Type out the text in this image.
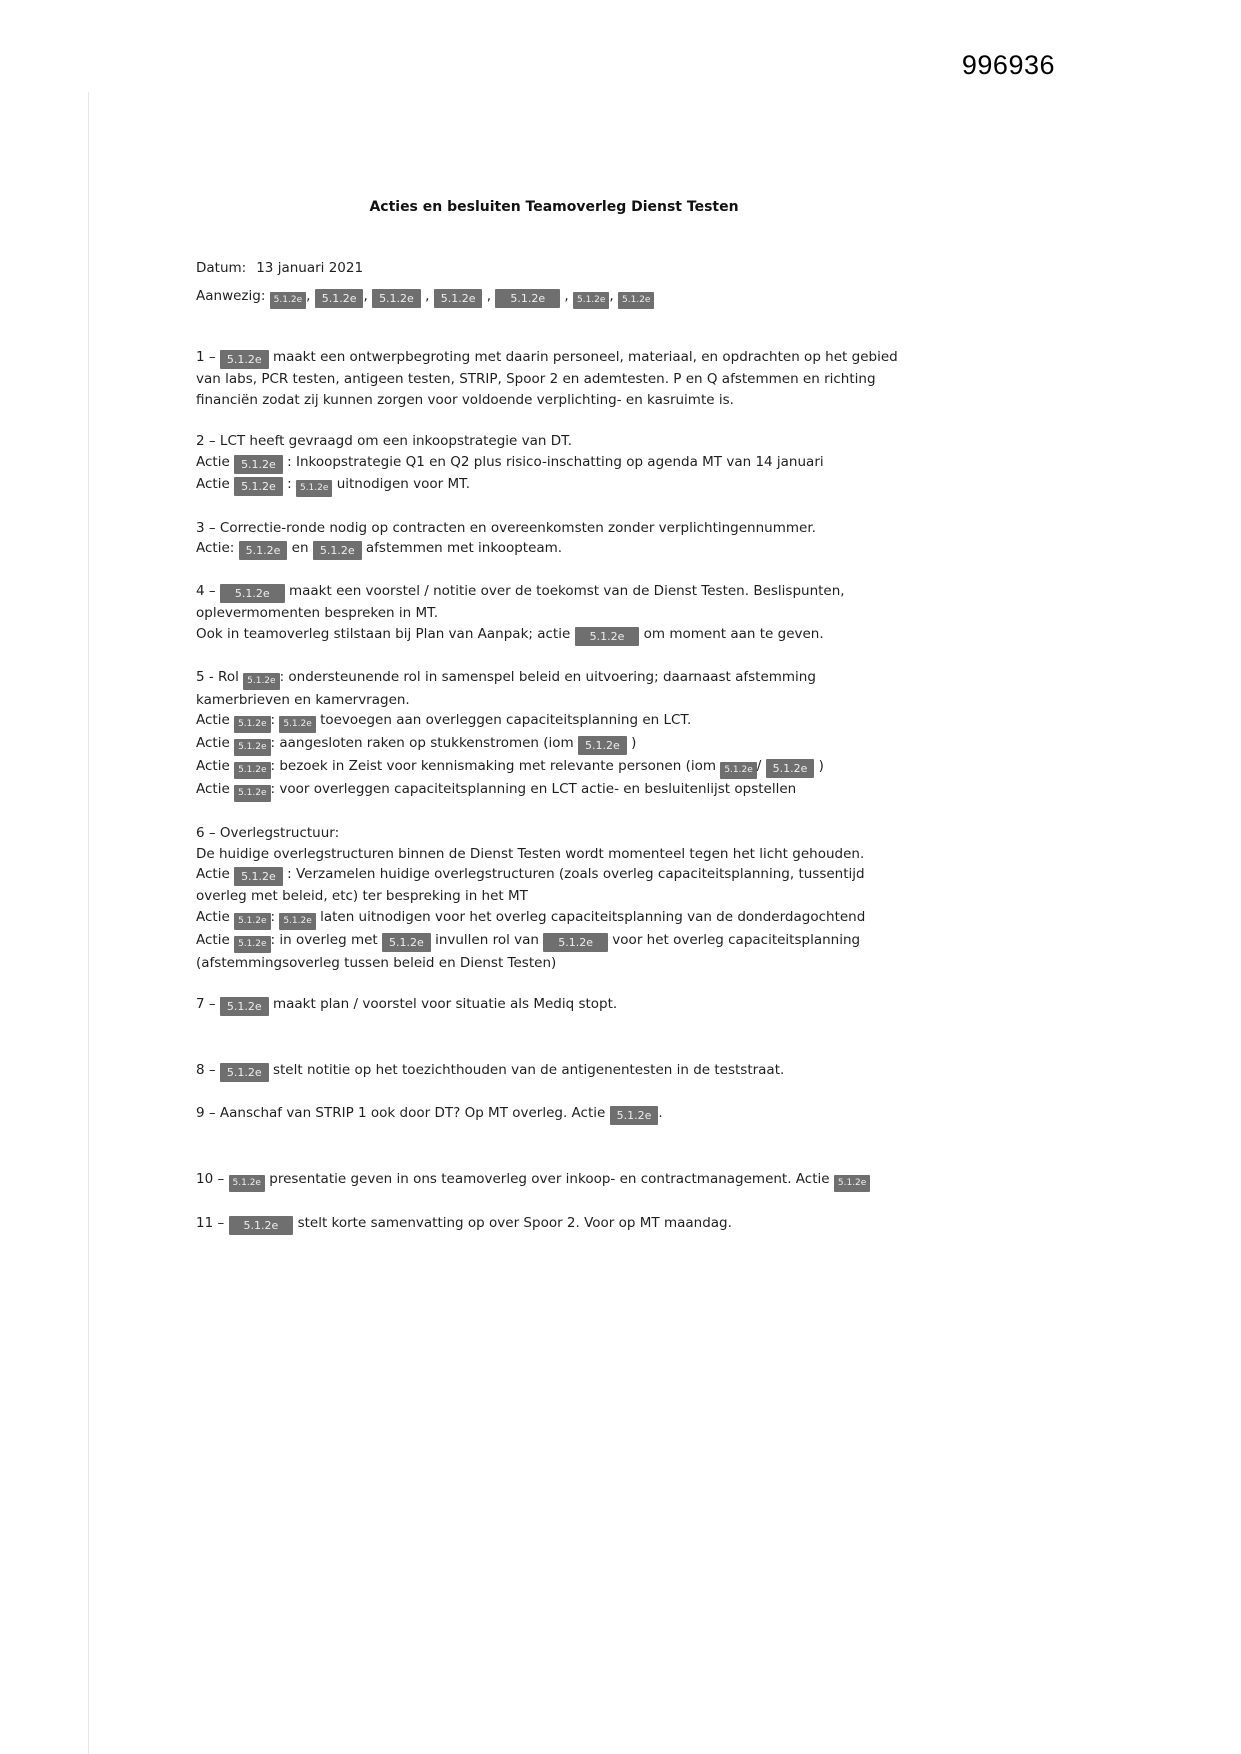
996936
Acties en besluiten Teamoverleg Dienst Testen
Datum: 13 januari 2021
Aanwezig: 5.1.2e , 5.1.2e , 5.1.2e , 5.1.2e , 5.1.2e , 5.1.2e , 5.1.2e
1 – 5.1.2e maakt een ontwerpbegroting met daarin personeel, materiaal, en opdrachten op het gebied van labs, PCR testen, antigeen testen, STRIP, Spoor 2 en ademtesten. P en Q afstemmen en richting financiën zodat zij kunnen zorgen voor voldoende verplichting- en kasruimte is.
2 – LCT heeft gevraagd om een inkoopstrategie van DT.
Actie 5.1.2e : Inkoopstrategie Q1 en Q2 plus risico-inschatting op agenda MT van 14 januari
Actie 5.1.2e : 5.1.2e uitnodigen voor MT.
3 – Correctie-ronde nodig op contracten en overeenkomsten zonder verplichtingennummer.
Actie: 5.1.2e en 5.1.2e afstemmen met inkoopteam.
4 – 5.1.2e maakt een voorstel / notitie over de toekomst van de Dienst Testen. Beslispunten, oplevermomenten bespreken in MT.
Ook in teamoverleg stilstaan bij Plan van Aanpak; actie 5.1.2e om moment aan te geven.
5 - Rol 5.1.2e : ondersteunende rol in samenspel beleid en uitvoering; daarnaast afstemming kamerbrieven en kamervragen.
Actie 5.1.2e : 5.1.2e toevoegen aan overleggen capaciteitsplanning en LCT.
Actie 5.1.2e : aangesloten raken op stukkenstromen (iom 5.1.2e )
Actie 5.1.2e : bezoek in Zeist voor kennismaking met relevante personen (iom 5.1.2e / 5.1.2e )
Actie 5.1.2e : voor overleggen capaciteitsplanning en LCT actie- en besluitenlijst opstellen
6 – Overlegstructuur:
De huidige overlegstructuren binnen de Dienst Testen wordt momenteel tegen het licht gehouden.
Actie 5.1.2e : Verzamelen huidige overlegstructuren (zoals overleg capaciteitsplanning, tussentijd overleg met beleid, etc) ter bespreking in het MT
Actie 5.1.2e : 5.1.2e laten uitnodigen voor het overleg capaciteitsplanning van de donderdagochtend
Actie 5.1.2e : in overleg met 5.1.2e invullen rol van 5.1.2e voor het overleg capaciteitsplanning (afstemmingsoverleg tussen beleid en Dienst Testen)
7 – 5.1.2e maakt plan / voorstel voor situatie als Mediq stopt.
8 – 5.1.2e stelt notitie op het toezichthouden van de antigenentesten in de teststraat.
9 – Aanschaf van STRIP 1 ook door DT? Op MT overleg. Actie 5.1.2e .
10 – 5.1.2e presentatie geven in ons teamoverleg over inkoop- en contractmanagement. Actie 5.1.2e
11 – 5.1.2e stelt korte samenvatting op over Spoor 2. Voor op MT maandag.
